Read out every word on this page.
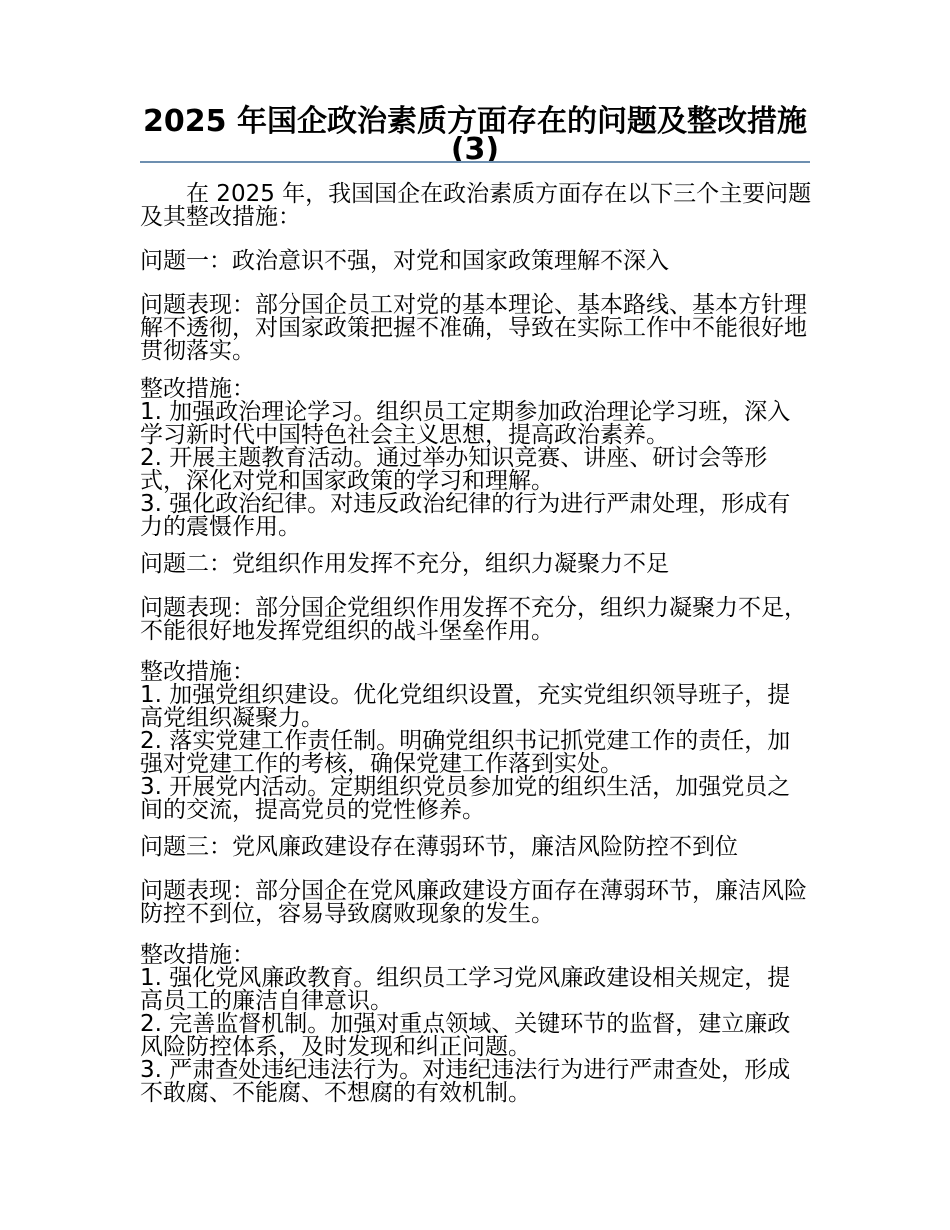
2025 年国企政治素质方面存在的问题及整改措施(3)
在 2025 年，我国国企在政治素质方面存在以下三个主要问题及其整改措施：
问题一：政治意识不强，对党和国家政策理解不深入
问题表现：部分国企员工对党的基本理论、基本路线、基本方针理解不透彻，对国家政策把握不准确，导致在实际工作中不能很好地贯彻落实。

整改措施：

1. 加强政治理论学习。组织员工定期参加政治理论学习班，深入学习新时代中国特色社会主义思想，提高政治素养。

2. 开展主题教育活动。通过举办知识竞赛、讲座、研讨会等形式，深化对党和国家政策的学习和理解。

3. 强化政治纪律。对违反政治纪律的行为进行严肃处理，形成有力的震慑作用。

问题二：党组织作用发挥不充分，组织力凝聚力不足
问题表现：部分国企党组织作用发挥不充分，组织力凝聚力不足，不能很好地发挥党组织的战斗堡垒作用。

整改措施：

1. 加强党组织建设。优化党组织设置，充实党组织领导班子，提高党组织凝聚力。

2. 落实党建工作责任制。明确党组织书记抓党建工作的责任，加强对党建工作的考核，确保党建工作落到实处。

3. 开展党内活动。定期组织党员参加党的组织生活，加强党员之间的交流，提高党员的党性修养。

问题三：党风廉政建设存在薄弱环节，廉洁风险防控不到位
问题表现：部分国企在党风廉政建设方面存在薄弱环节，廉洁风险防控不到位，容易导致腐败现象的发生。

整改措施：

1. 强化党风廉政教育。组织员工学习党风廉政建设相关规定，提高员工的廉洁自律意识。

2. 完善监督机制。加强对重点领域、关键环节的监督，建立廉政风险防控体系，及时发现和纠正问题。

3. 严肃查处违纪违法行为。对违纪违法行为进行严肃查处，形成不敢腐、不能腐、不想腐的有效机制。
